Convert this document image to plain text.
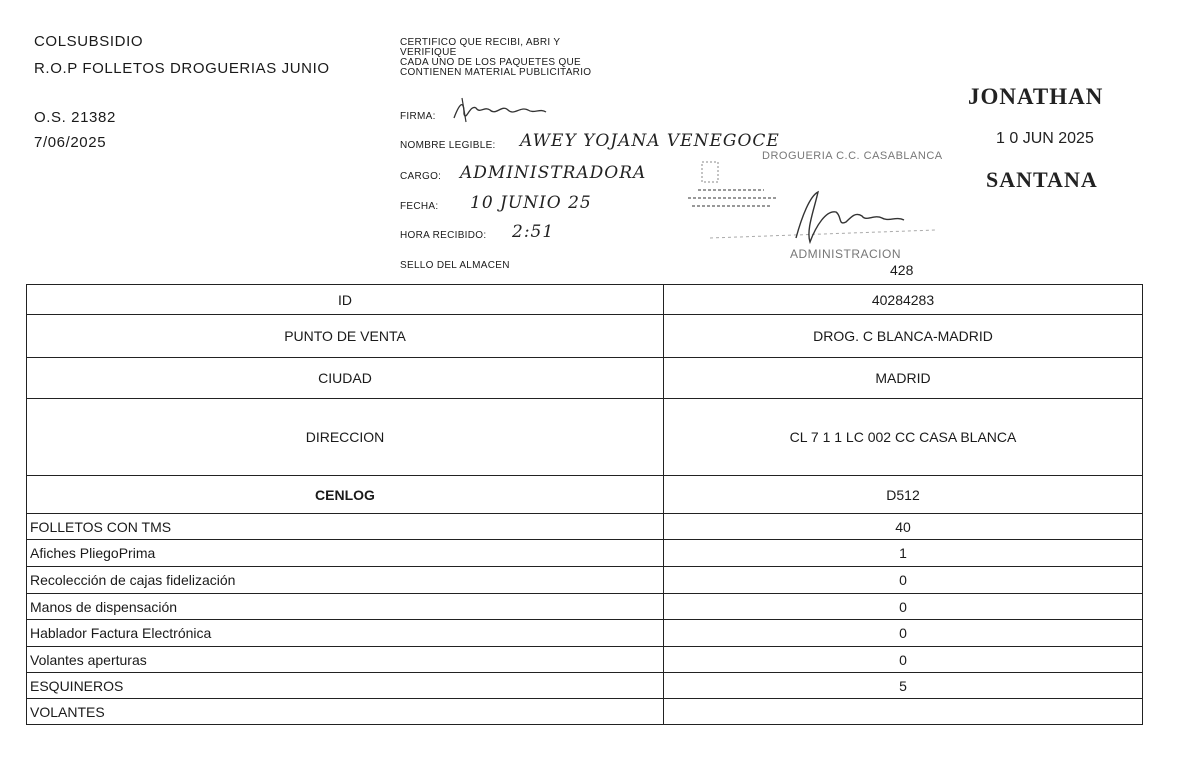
COLSUBSIDIO
R.O.P FOLLETOS DROGUERIAS JUNIO
O.S. 21382
7/06/2025
CERTIFICO QUE RECIBI, ABRI Y
VERIFIQUE
CADA UNO DE LOS PAQUETES QUE
CONTIENEN MATERIAL PUBLICITARIO
FIRMA:
NOMBRE LEGIBLE: AWEY YOJANA VENEGOCE
CARGO: ADMINISTRADORA
FECHA: 10 JUNIO 25
HORA RECIBIDO: 2:51
SELLO DEL ALMACEN
JONATHAN
1 0 JUN 2025
SANTANA
DROGUERIA C.C. CASABLANCA
ADMINISTRACION
428
ID	40284283
PUNTO DE VENTA	DROG. C BLANCA-MADRID
CIUDAD	MADRID
DIRECCION	CL 7 1 1 LC 002 CC CASA BLANCA
CENLOG	D512
FOLLETOS CON TMS	40
Afiches PliegoPrima	1
Recolección de cajas fidelización	0
Manos de dispensación	0
Hablador Factura Electrónica	0
Volantes aperturas	0
ESQUINEROS	5
VOLANTES	
